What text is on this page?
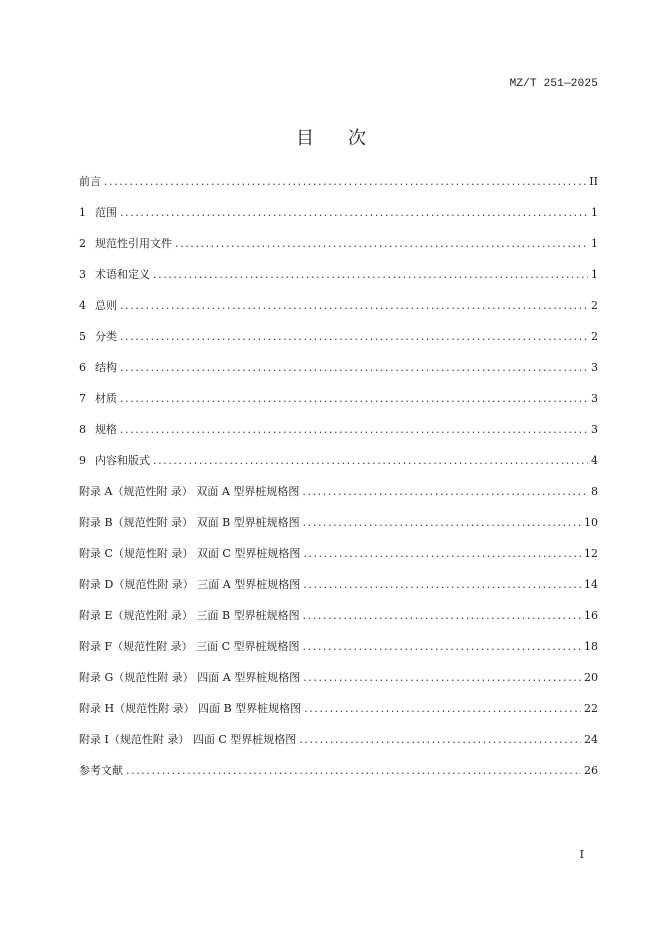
MZ/T 251—2025
目 次
前言 .....	II
1 范围 .....	1
2 规范性引用文件 .....	1
3 术语和定义 .....	1
4 总则 .....	2
5 分类 .....	2
6 结构 .....	3
7 材质 .....	3
8 规格 .....	3
9 内容和版式 .....	4
附录 A（规范性附 录） 双面 A 型界桩规格图 .....	8
附录 B（规范性附 录） 双面 B 型界桩规格图 .....	10
附录 C（规范性附 录） 双面 C 型界桩规格图 .....	12
附录 D（规范性附 录） 三面 A 型界桩规格图 .....	14
附录 E（规范性附 录） 三面 B 型界桩规格图 .....	16
附录 F（规范性附 录） 三面 C 型界桩规格图 .....	18
附录 G（规范性附 录） 四面 A 型界桩规格图 .....	20
附录 H（规范性附 录） 四面 B 型界桩规格图 .....	22
附录 I（规范性附 录） 四面 C 型界桩规格图 .....	24
参考文献 .....	26
I
